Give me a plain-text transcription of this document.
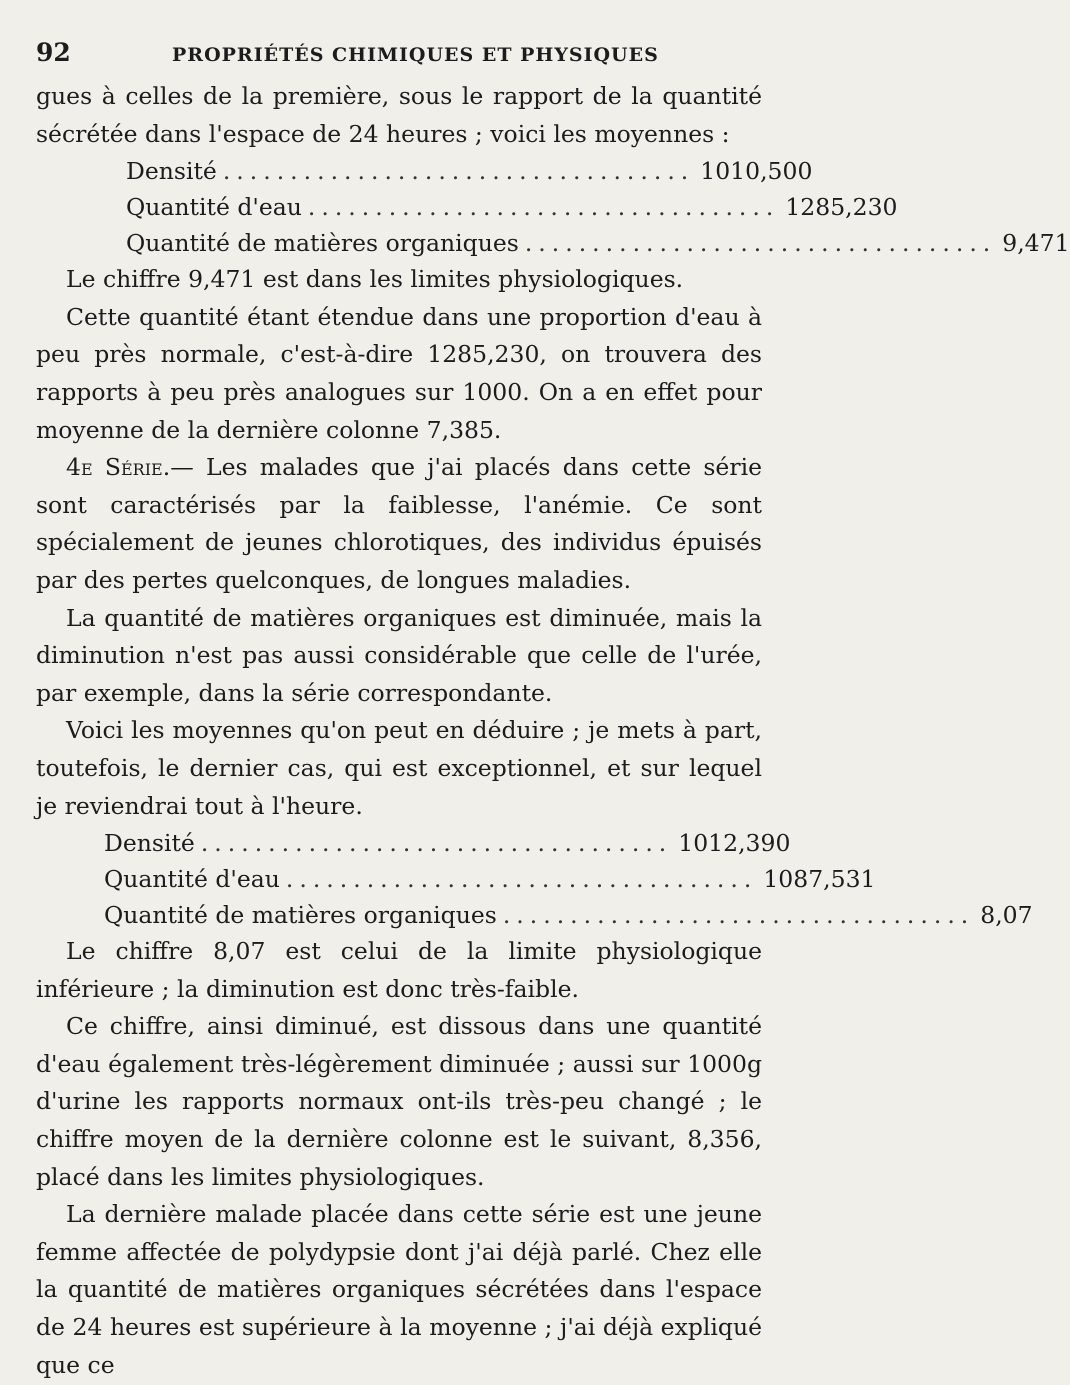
92	PROPRIÉTÉS CHIMIQUES ET PHYSIQUES

gues à celles de la première, sous le rapport de la quantité sécrétée dans l'espace de 24 heures ; voici les moyennes :

Densité ................................... 1010,500
Quantité d'eau ................................... 1285,230
Quantité de matières organiques ................................... 9,471

Le chiffre 9,471 est dans les limites physiologiques.

Cette quantité étant étendue dans une proportion d'eau à peu près normale, c'est-à-dire 1285,230, on trouvera des rapports à peu près analogues sur 1000. On a en effet pour moyenne de la dernière colonne 7,385.

4e Série.— Les malades que j'ai placés dans cette série sont caractérisés par la faiblesse, l'anémie. Ce sont spécialement de jeunes chlorotiques, des individus épuisés par des pertes quelconques, de longues maladies.

La quantité de matières organiques est diminuée, mais la diminution n'est pas aussi considérable que celle de l'urée, par exemple, dans la série correspondante.

Voici les moyennes qu'on peut en déduire ; je mets à part, toutefois, le dernier cas, qui est exceptionnel, et sur lequel je reviendrai tout à l'heure.

Densité ................................... 1012,390
Quantité d'eau ................................... 1087,531
Quantité de matières organiques ................................... 8,07

Le chiffre 8,07 est celui de la limite physiologique inférieure ; la diminution est donc très-faible.

Ce chiffre, ainsi diminué, est dissous dans une quantité d'eau également très-légèrement diminuée ; aussi sur 1000g d'urine les rapports normaux ont-ils très-peu changé ; le chiffre moyen de la dernière colonne est le suivant, 8,356, placé dans les limites physiologiques.

La dernière malade placée dans cette série est une jeune femme affectée de polydypsie dont j'ai déjà parlé. Chez elle la quantité de matières organiques sécrétées dans l'espace de 24 heures est supérieure à la moyenne ; j'ai déjà expliqué que ce
